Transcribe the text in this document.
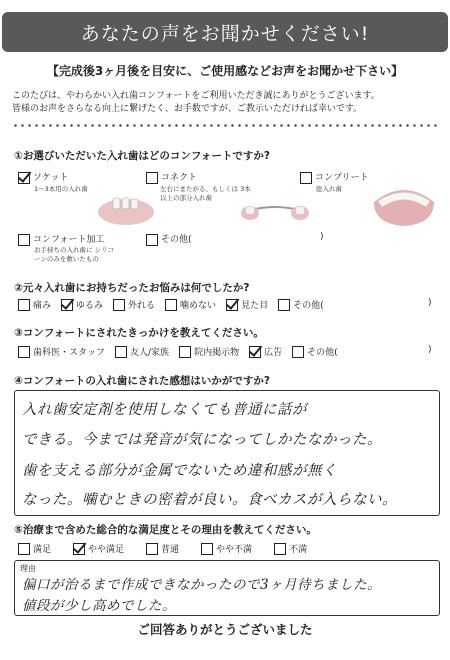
あなたの声をお聞かせください!
【完成後3ヶ月後を目安に、ご使用感などお声をお聞かせ下さい】
このたびは、やわらかい入れ歯コンフォートをご利用いただき誠にありがとうございます。
皆様のお声をさらなる向上に繋げたく、お手数ですが、ご教示いただければ幸いです。
①お選びいただいた入れ歯はどのコンフォートですか?
ソケット
1〜3本用の入れ歯
コネクト
左右にまたがる、もしくは 3本以上の部分入れ歯
コンプリート
総入れ歯
コンフォート加工
お手持ちの入れ歯に シリコーンのみを敷いたもの
その他(	)
②元々入れ歯にお持ちだったお悩みは何でしたか?
痛み	ゆるみ	外れる	噛めない	見た目	その他(	)
③コンフォートにされたきっかけを教えてください。
歯科医・スタッフ	友人/家族	院内掲示物	広告	その他(	)
④コンフォートの入れ歯にされた感想はいかがですか?
入れ歯安定剤を使用しなくても普通に話が
できる。今までは発音が気になってしかたなかった。
歯を支える部分が金属でないため違和感が無く
なった。噛むときの密着が良い。食べカスが入らない。
⑤治療まで含めた総合的な満足度とその理由を教えてください。
満足	やや満足	普通	やや不満	不満
理由
偏口が治るまで作成できなかったので3ヶ月待ちました。
値段が少し高めでした。
ご回答ありがとうございました
